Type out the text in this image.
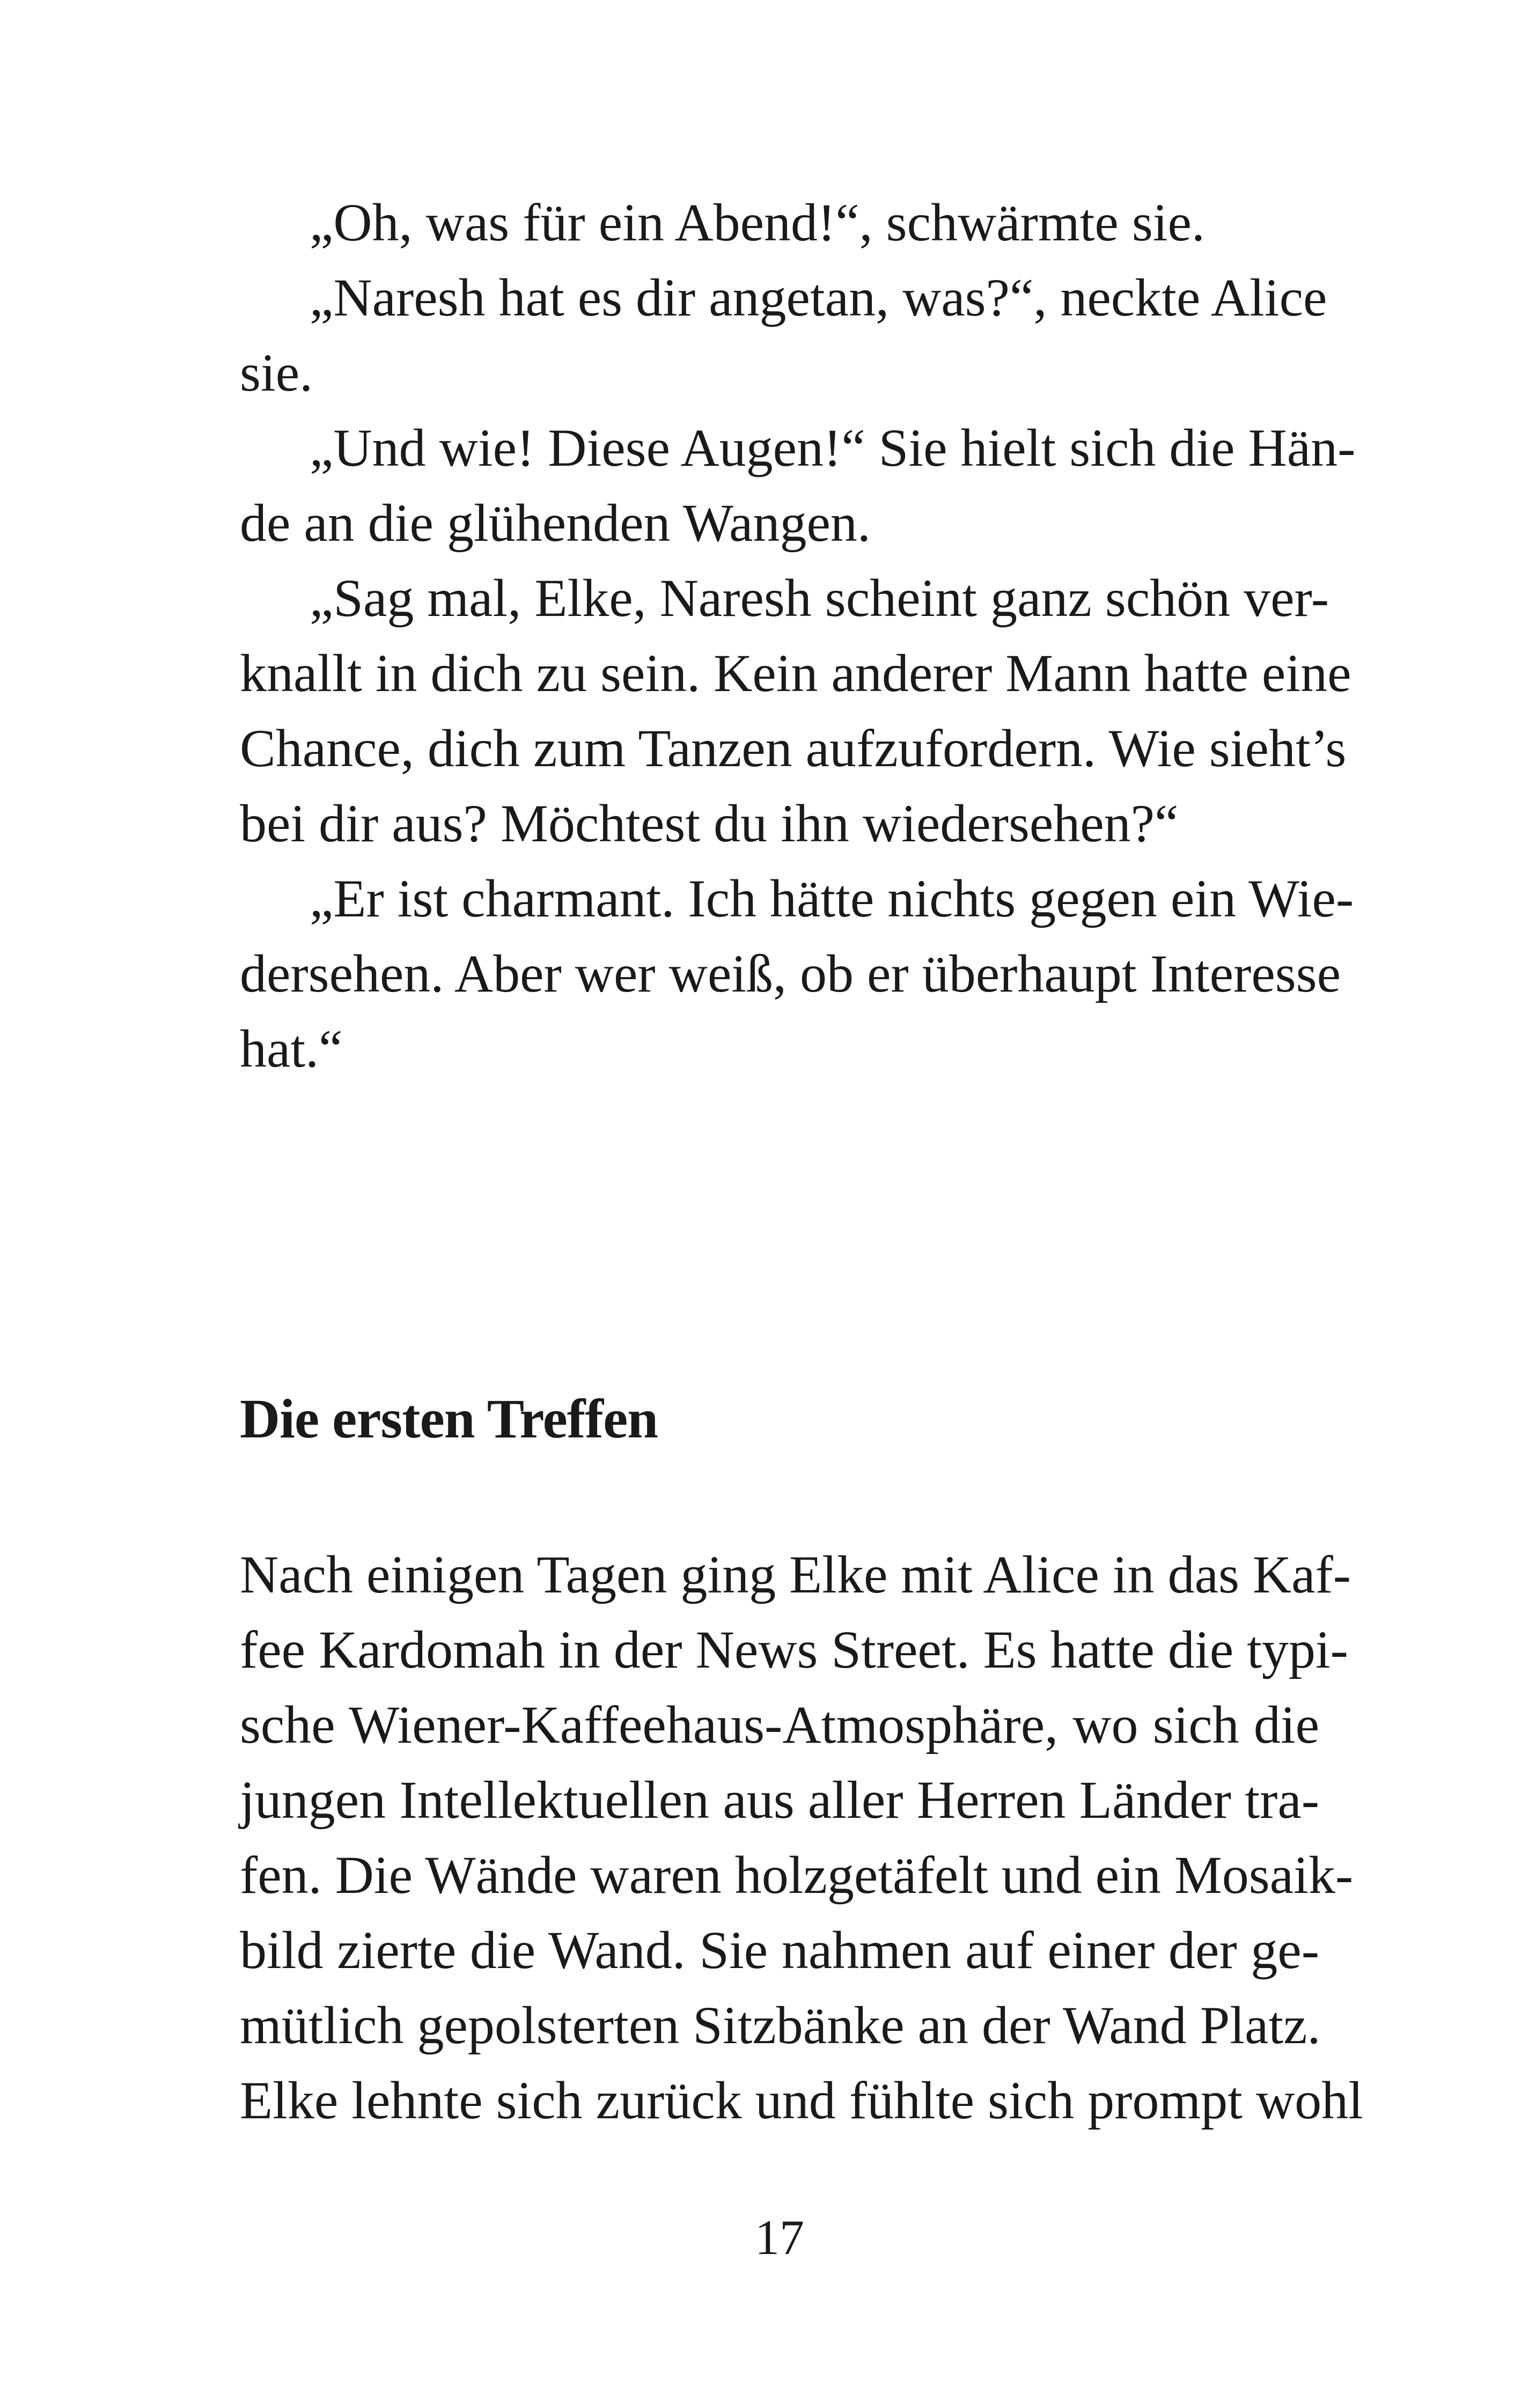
„Oh, was für ein Abend!“, schwärmte sie.
„Naresh hat es dir angetan, was?“, neckte Alice
sie.
„Und wie! Diese Augen!“ Sie hielt sich die Hän-
de an die glühenden Wangen.
„Sag mal, Elke, Naresh scheint ganz schön ver-
knallt in dich zu sein. Kein anderer Mann hatte eine
Chance, dich zum Tanzen aufzufordern. Wie sieht’s
bei dir aus? Möchtest du ihn wiedersehen?“
„Er ist charmant. Ich hätte nichts gegen ein Wie-
dersehen. Aber wer weiß, ob er überhaupt Interesse
hat.“
Die ersten Treffen
Nach einigen Tagen ging Elke mit Alice in das Kaf-
fee Kardomah in der News Street. Es hatte die typi-
sche Wiener-Kaffeehaus-Atmosphäre, wo sich die
jungen Intellektuellen aus aller Herren Länder tra-
fen. Die Wände waren holzgetäfelt und ein Mosaik-
bild zierte die Wand. Sie nahmen auf einer der ge-
mütlich gepolsterten Sitzbänke an der Wand Platz.
Elke lehnte sich zurück und fühlte sich prompt wohl
17
